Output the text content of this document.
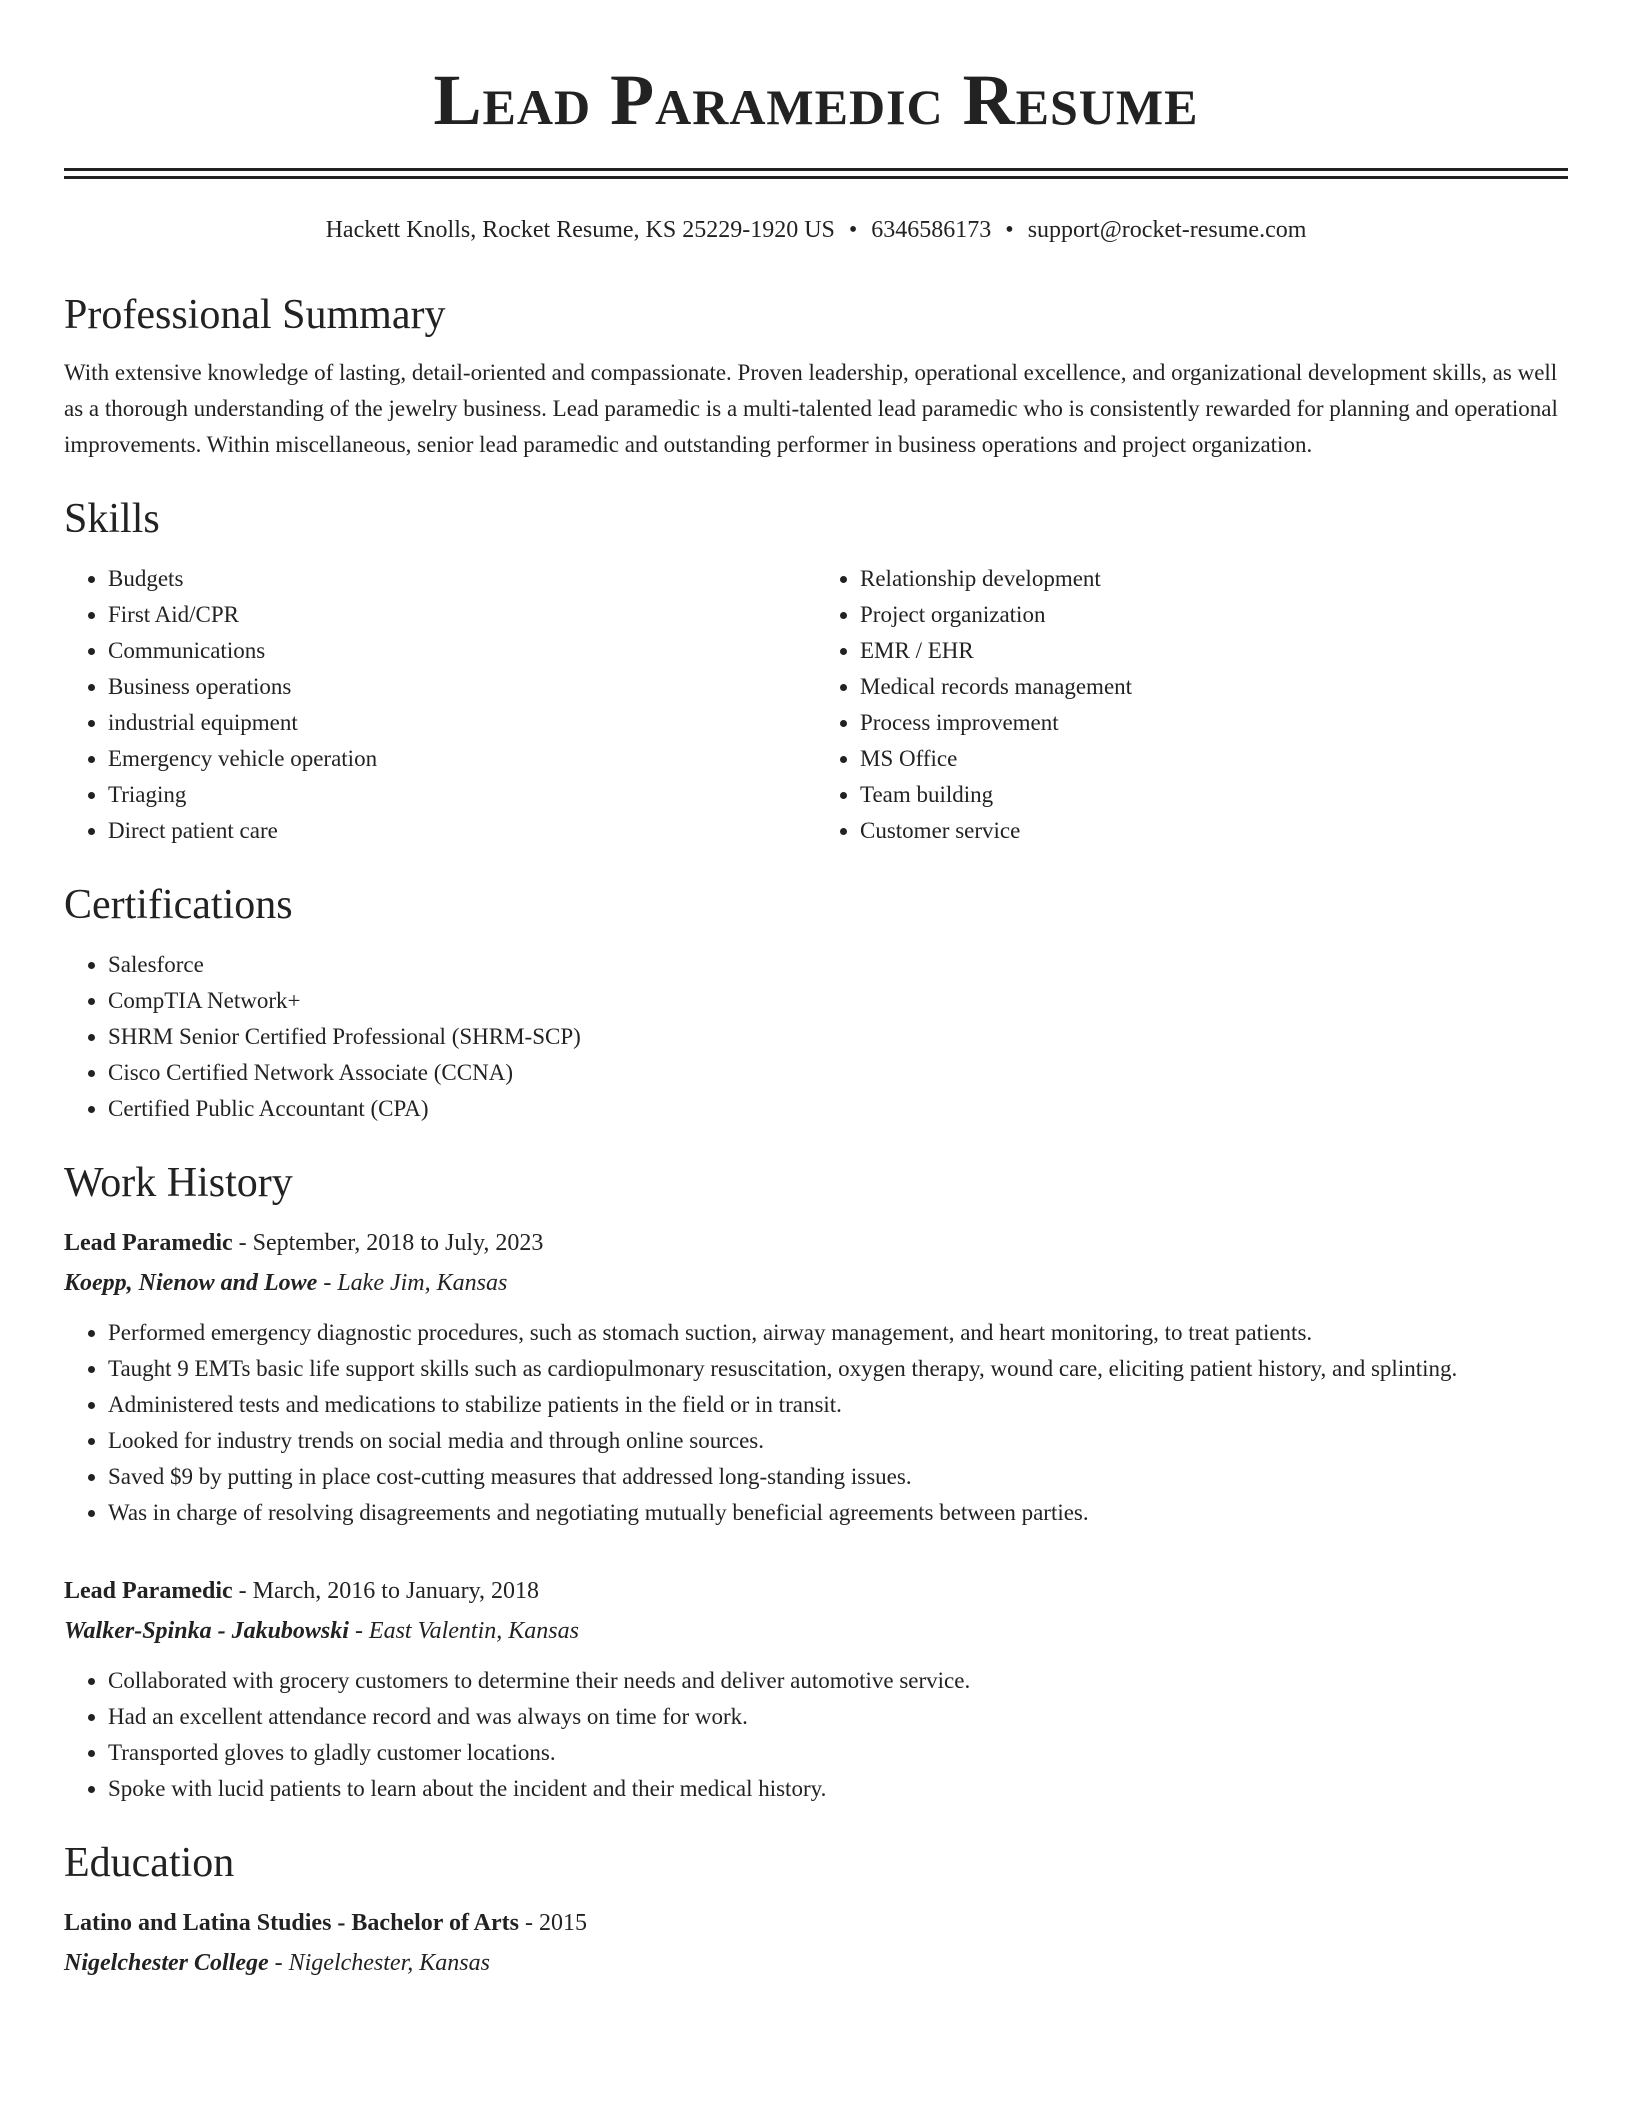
Lead Paramedic Resume
Hackett Knolls, Rocket Resume, KS 25229-1920 US • 6346586173 • support@rocket-resume.com
Professional Summary
With extensive knowledge of lasting, detail-oriented and compassionate. Proven leadership, operational excellence, and organizational development skills, as well as a thorough understanding of the jewelry business. Lead paramedic is a multi-talented lead paramedic who is consistently rewarded for planning and operational improvements. Within miscellaneous, senior lead paramedic and outstanding performer in business operations and project organization.
Skills
• Budgets
• First Aid/CPR
• Communications
• Business operations
• industrial equipment
• Emergency vehicle operation
• Triaging
• Direct patient care
• Relationship development
• Project organization
• EMR / EHR
• Medical records management
• Process improvement
• MS Office
• Team building
• Customer service
Certifications
• Salesforce
• CompTIA Network+
• SHRM Senior Certified Professional (SHRM-SCP)
• Cisco Certified Network Associate (CCNA)
• Certified Public Accountant (CPA)
Work History
Lead Paramedic - September, 2018 to July, 2023
Koepp, Nienow and Lowe - Lake Jim, Kansas
• Performed emergency diagnostic procedures, such as stomach suction, airway management, and heart monitoring, to treat patients.
• Taught 9 EMTs basic life support skills such as cardiopulmonary resuscitation, oxygen therapy, wound care, eliciting patient history, and splinting.
• Administered tests and medications to stabilize patients in the field or in transit.
• Looked for industry trends on social media and through online sources.
• Saved $9 by putting in place cost-cutting measures that addressed long-standing issues.
• Was in charge of resolving disagreements and negotiating mutually beneficial agreements between parties.
Lead Paramedic - March, 2016 to January, 2018
Walker-Spinka - Jakubowski - East Valentin, Kansas
• Collaborated with grocery customers to determine their needs and deliver automotive service.
• Had an excellent attendance record and was always on time for work.
• Transported gloves to gladly customer locations.
• Spoke with lucid patients to learn about the incident and their medical history.
Education
Latino and Latina Studies - Bachelor of Arts - 2015
Nigelchester College - Nigelchester, Kansas
